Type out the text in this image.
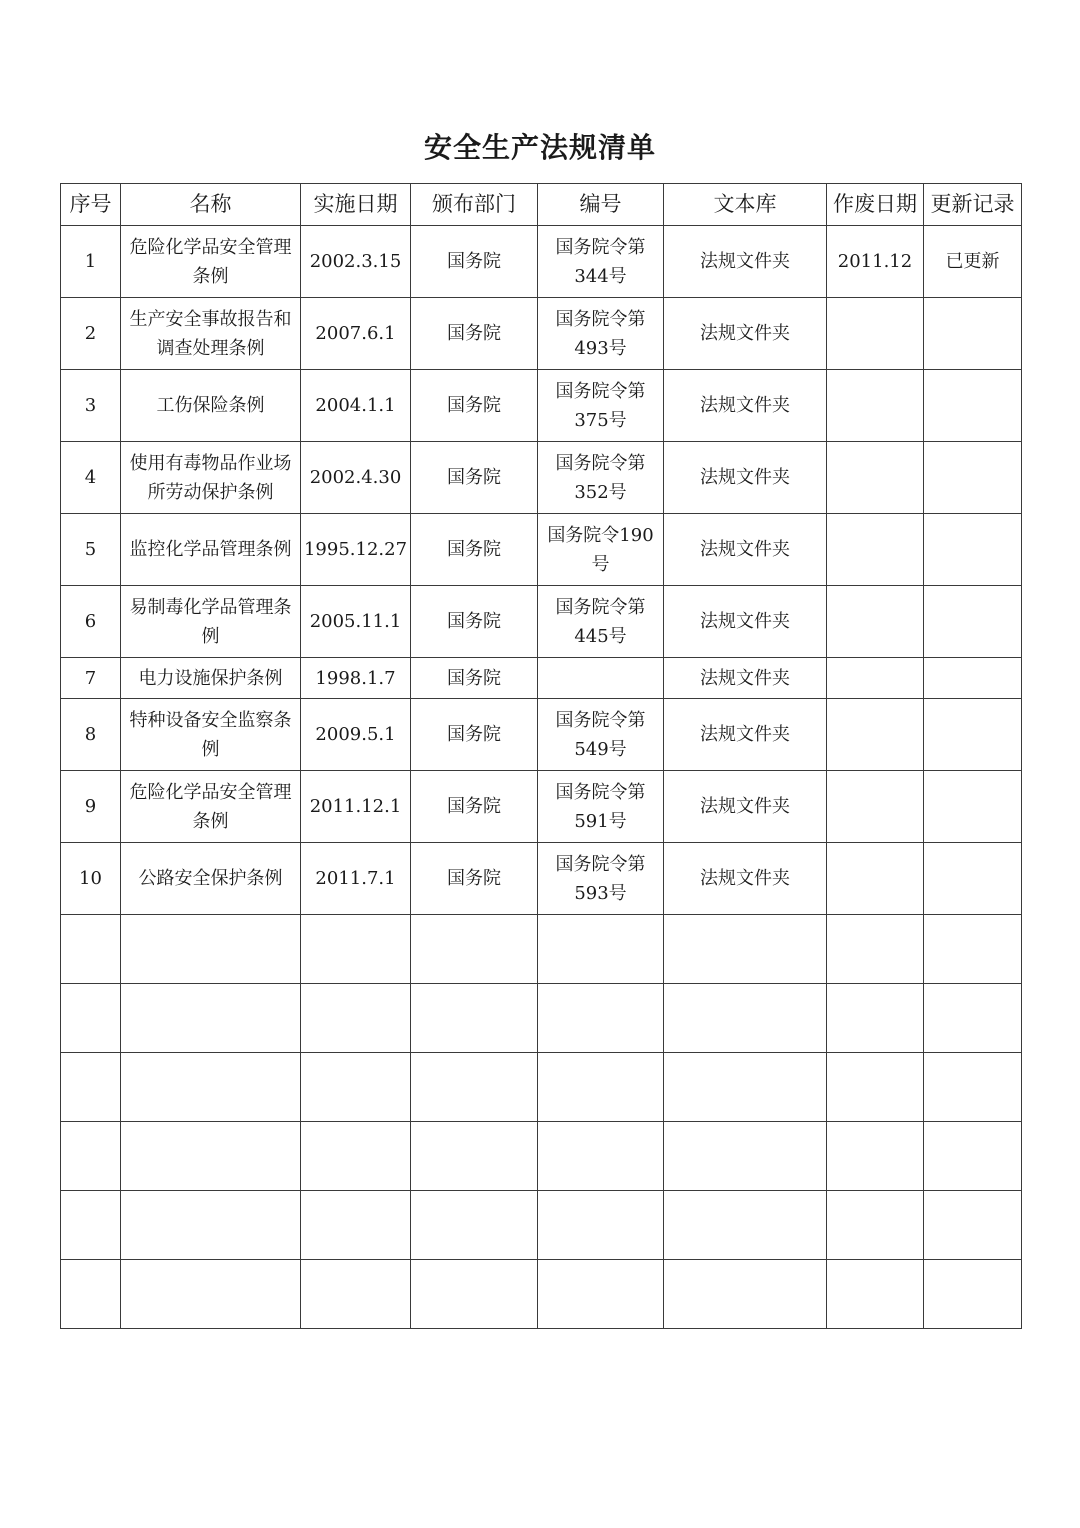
安全生产法规清单
序号	名称	实施日期	颁布部门	编号	文本库	作废日期	更新记录
1	危险化学品安全管理条例	2002.3.15	国务院	国务院令第344号	法规文件夹	2011.12	已更新
2	生产安全事故报告和调查处理条例	2007.6.1	国务院	国务院令第493号	法规文件夹		
3	工伤保险条例	2004.1.1	国务院	国务院令第375号	法规文件夹		
4	使用有毒物品作业场所劳动保护条例	2002.4.30	国务院	国务院令第352号	法规文件夹		
5	监控化学品管理条例	1995.12.27	国务院	国务院令190号	法规文件夹		
6	易制毒化学品管理条例	2005.11.1	国务院	国务院令第445号	法规文件夹		
7	电力设施保护条例	1998.1.7	国务院		法规文件夹		
8	特种设备安全监察条例	2009.5.1	国务院	国务院令第549号	法规文件夹		
9	危险化学品安全管理条例	2011.12.1	国务院	国务院令第591号	法规文件夹		
10	公路安全保护条例	2011.7.1	国务院	国务院令第593号	法规文件夹		
